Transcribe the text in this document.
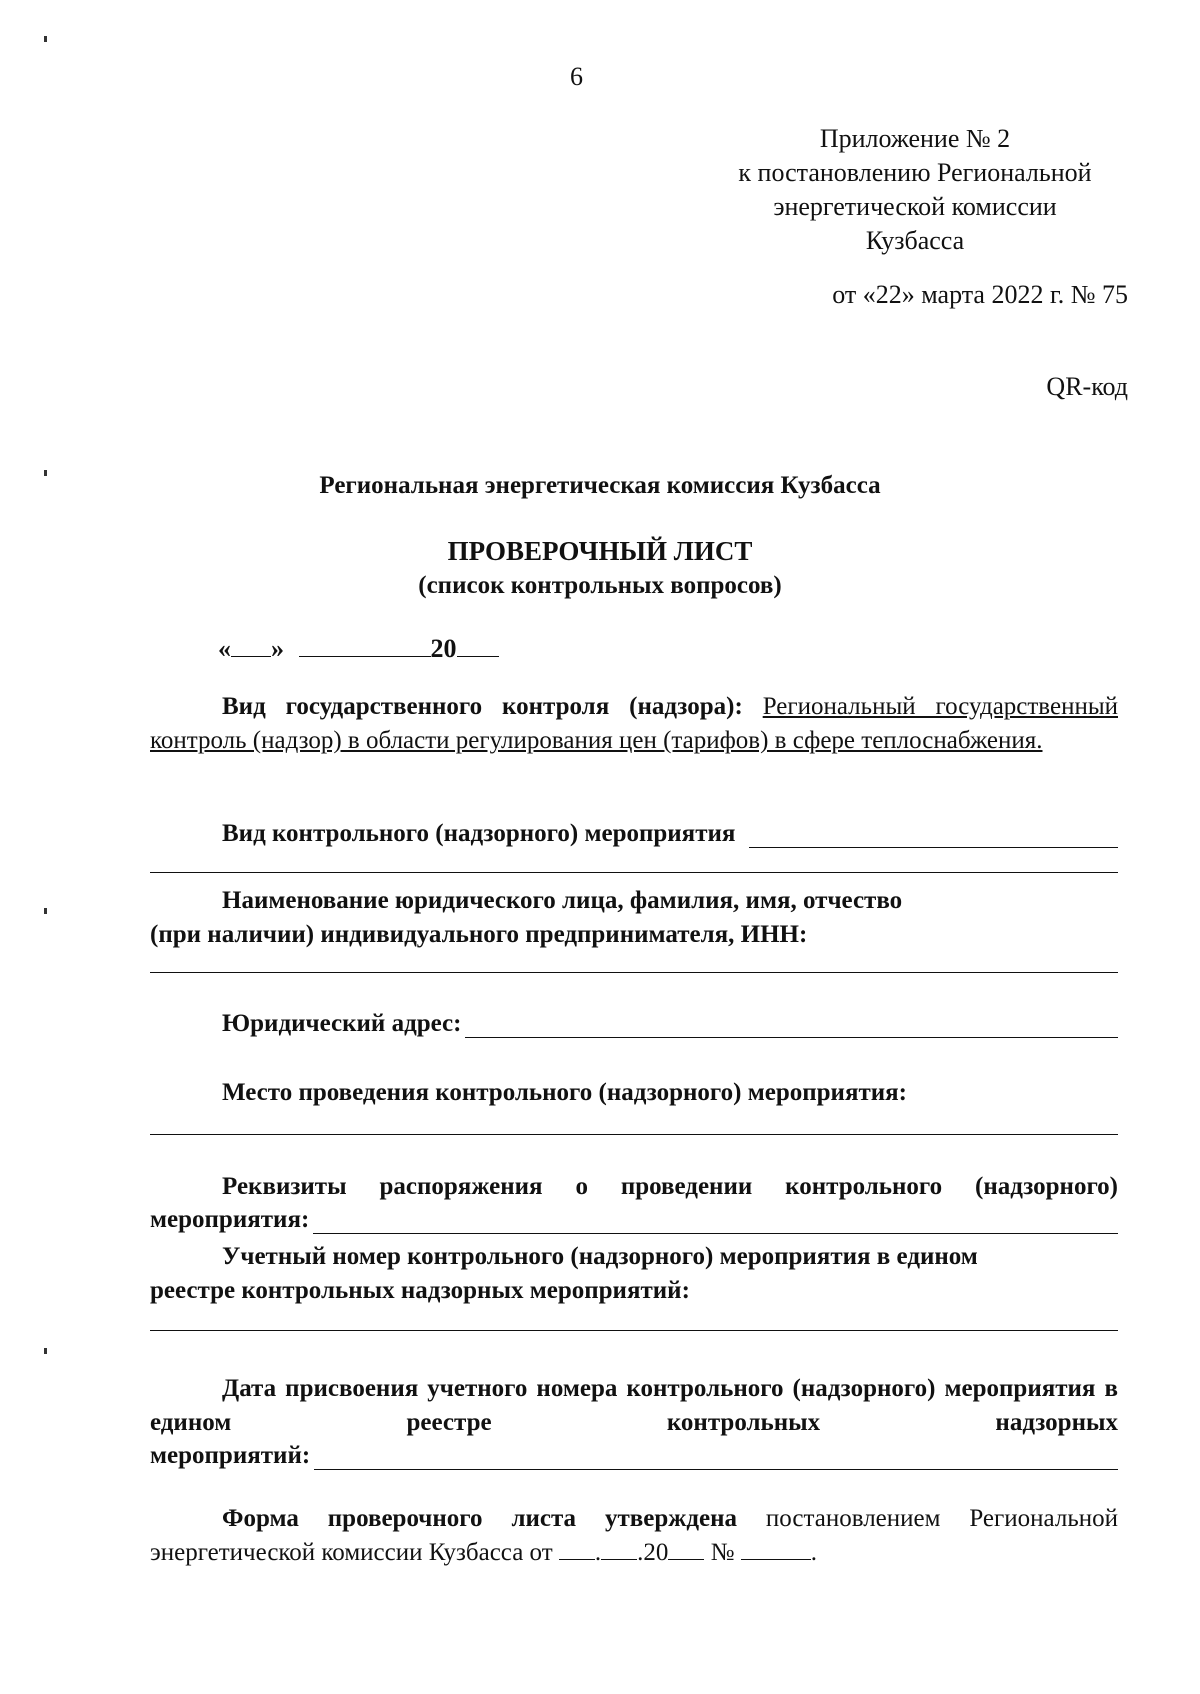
6
Приложение № 2
к постановлению Региональной
энергетической комиссии
Кузбасса
от «22» марта 2022 г. № 75
QR-код
Региональная энергетическая комиссия Кузбасса
ПРОВЕРОЧНЫЙ ЛИСТ
(список контрольных вопросов)
« »	20
Вид государственного контроля (надзора): Региональный государственный контроль (надзор) в области регулирования цен (тарифов) в сфере теплоснабжения.
Вид контрольного (надзорного) мероприятия
Наименование юридического лица, фамилия, имя, отчество
(при наличии) индивидуального предпринимателя, ИНН:
Юридический адрес:
Место проведения контрольного (надзорного) мероприятия:
Реквизиты распоряжения о проведении контрольного (надзорного)
мероприятия:
Учетный номер контрольного (надзорного) мероприятия в едином
реестре контрольных надзорных мероприятий:
Дата присвоения учетного номера контрольного (надзорного) мероприятия в едином реестре контрольных надзорных
мероприятий:
Форма проверочного листа утверждена постановлением Региональной энергетической комиссии Кузбасса от . .20 №	.
